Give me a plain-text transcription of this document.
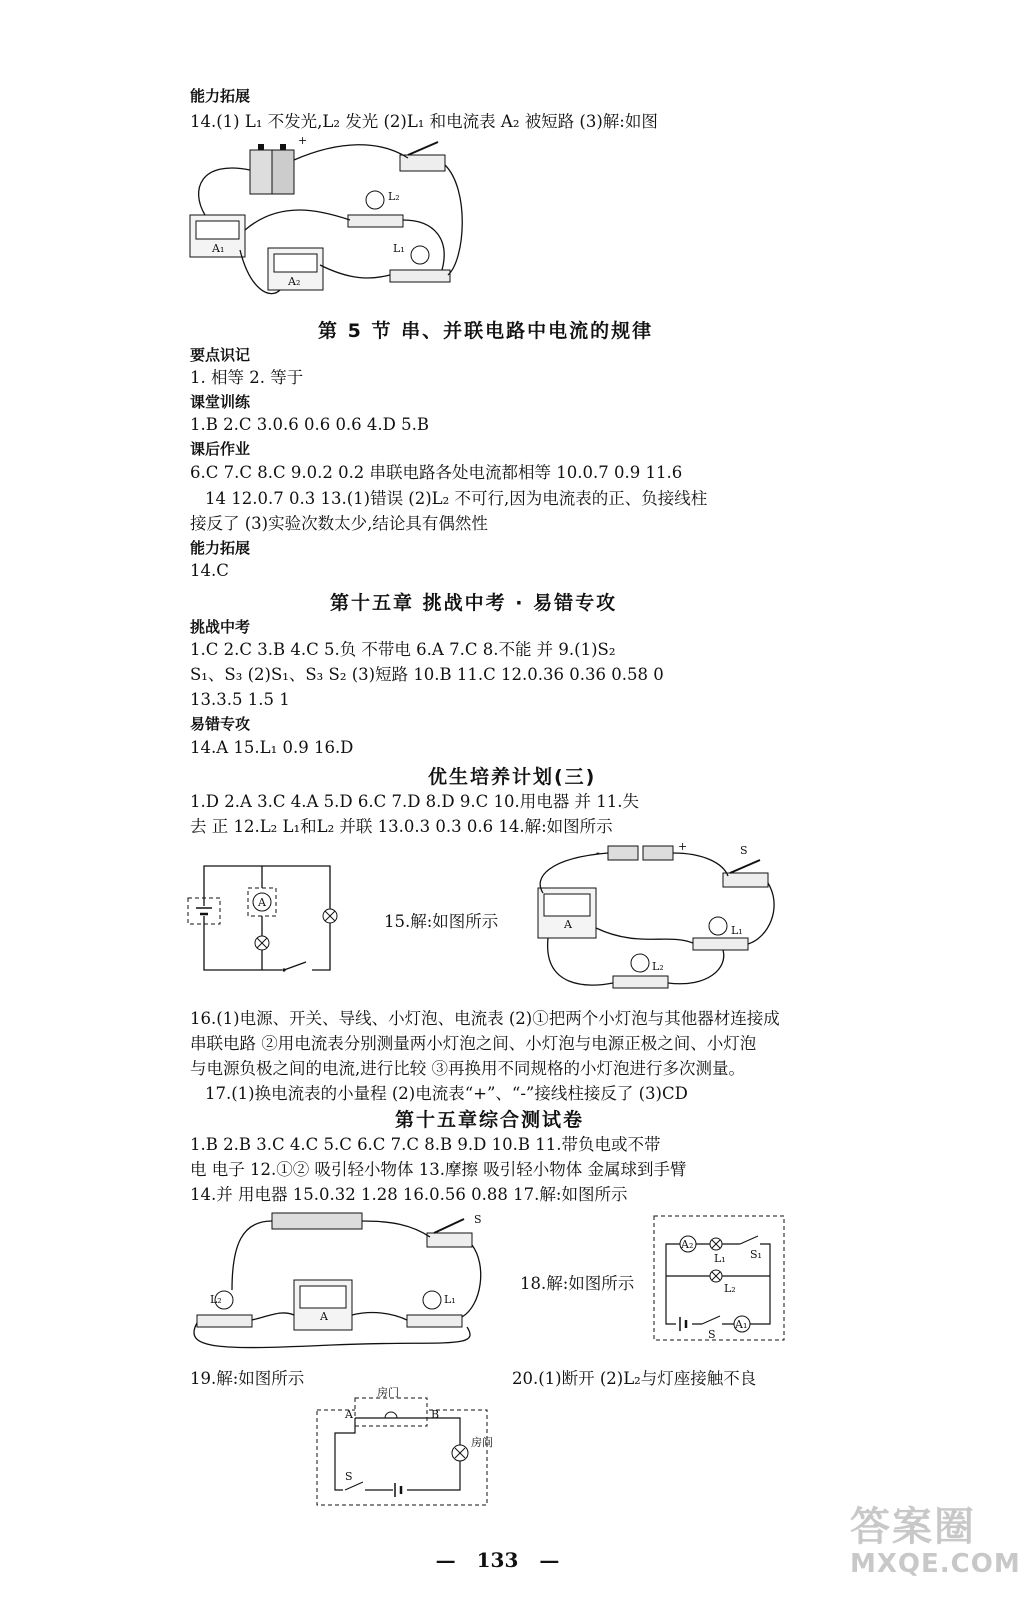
能力拓展
14.(1) L₁ 不发光,L₂ 发光 (2)L₁ 和电流表 A₂ 被短路 (3)解:如图
+
L₂
L₁
A₁
A₂
第 5 节 串、并联电路中电流的规律
要点识记
1. 相等 2. 等于
课堂训练
1.B 2.C 3.0.6 0.6 0.6 4.D 5.B
课后作业
6.C 7.C 8.C 9.0.2 0.2 串联电路各处电流都相等 10.0.7 0.9 11.6
14 12.0.7 0.3 13.(1)错误 (2)L₂ 不可行,因为电流表的正、负接线柱
接反了 (3)实验次数太少,结论具有偶然性
能力拓展
14.C
第十五章 挑战中考 · 易错专攻
挑战中考
1.C 2.C 3.B 4.C 5.负 不带电 6.A 7.C 8.不能 并 9.(1)S₂
S₁、S₃ (2)S₁、S₃ S₂ (3)短路 10.B 11.C 12.0.36 0.36 0.58 0
13.3.5 1.5 1
易错专攻
14.A 15.L₁ 0.9 16.D
优生培养计划(三)
1.D 2.A 3.C 4.A 5.D 6.C 7.D 8.D 9.C 10.用电器 并 11.失
去 正 12.L₂ L₁和L₂ 并联 13.0.3 0.3 0.6 14.解:如图所示
A
15.解:如图所示
-	+	S
A	L₁
L₂
16.(1)电源、开关、导线、小灯泡、电流表 (2)①把两个小灯泡与其他器材连接成
串联电路 ②用电流表分别测量两小灯泡之间、小灯泡与电源正极之间、小灯泡
与电源负极之间的电流,进行比较 ③再换用不同规格的小灯泡进行多次测量。
17.(1)换电流表的小量程 (2)电流表“+”、“-”接线柱接反了 (3)CD
第十五章综合测试卷
1.B 2.B 3.C 4.C 5.C 6.C 7.C 8.B 9.D 10.B 11.带负电或不带
电 电子 12.①② 吸引轻小物体 13.摩擦 吸引轻小物体 金属球到手臂
14.并 用电器 15.0.32 1.28 16.0.56 0.88 17.解:如图所示
S
L₂
A
L₁
18.解:如图所示
A₂
L₁ S₁
L₂
S
A₁
19.解:如图所示	20.(1)断开 (2)L₂与灯座接触不良
房门
A	B
房间
S
— 133 —
答案圈
MXQE.COM
